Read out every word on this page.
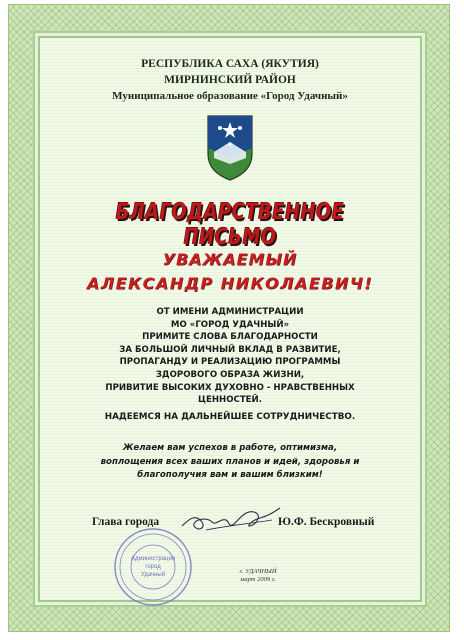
РЕСПУБЛИКА САХА (ЯКУТИЯ)
МИРНИНСКИЙ РАЙОН
Муниципальное образование «Город Удачный»
БЛАГОДАРСТВЕННОЕ ПИСЬМО
УВАЖАЕМЫЙ
АЛЕКСАНДР НИКОЛАЕВИЧ!
ОТ ИМЕНИ АДМИНИСТРАЦИИ
МО «ГОРОД УДАЧНЫЙ»
ПРИМИТЕ СЛОВА БЛАГОДАРНОСТИ
ЗА БОЛЬШОЙ ЛИЧНЫЙ ВКЛАД В РАЗВИТИЕ,
ПРОПАГАНДУ И РЕАЛИЗАЦИЮ ПРОГРАММЫ
ЗДОРОВОГО ОБРАЗА ЖИЗНИ,
ПРИВИТИЕ ВЫСОКИХ ДУХОВНО - НРАВСТВЕННЫХ
ЦЕННОСТЕЙ.
НАДЕЕМСЯ НА ДАЛЬНЕЙШЕЕ СОТРУДНИЧЕСТВО.
Желаем вам успехов в работе, оптимизма,
воплощения всех ваших планов и идей, здоровья и
благополучия вам и вашим близким!
Глава города	Ю.Ф. Бескровный
Администрация
город
Удачный	г. УДАЧНЫЙ
март 2009 г.
